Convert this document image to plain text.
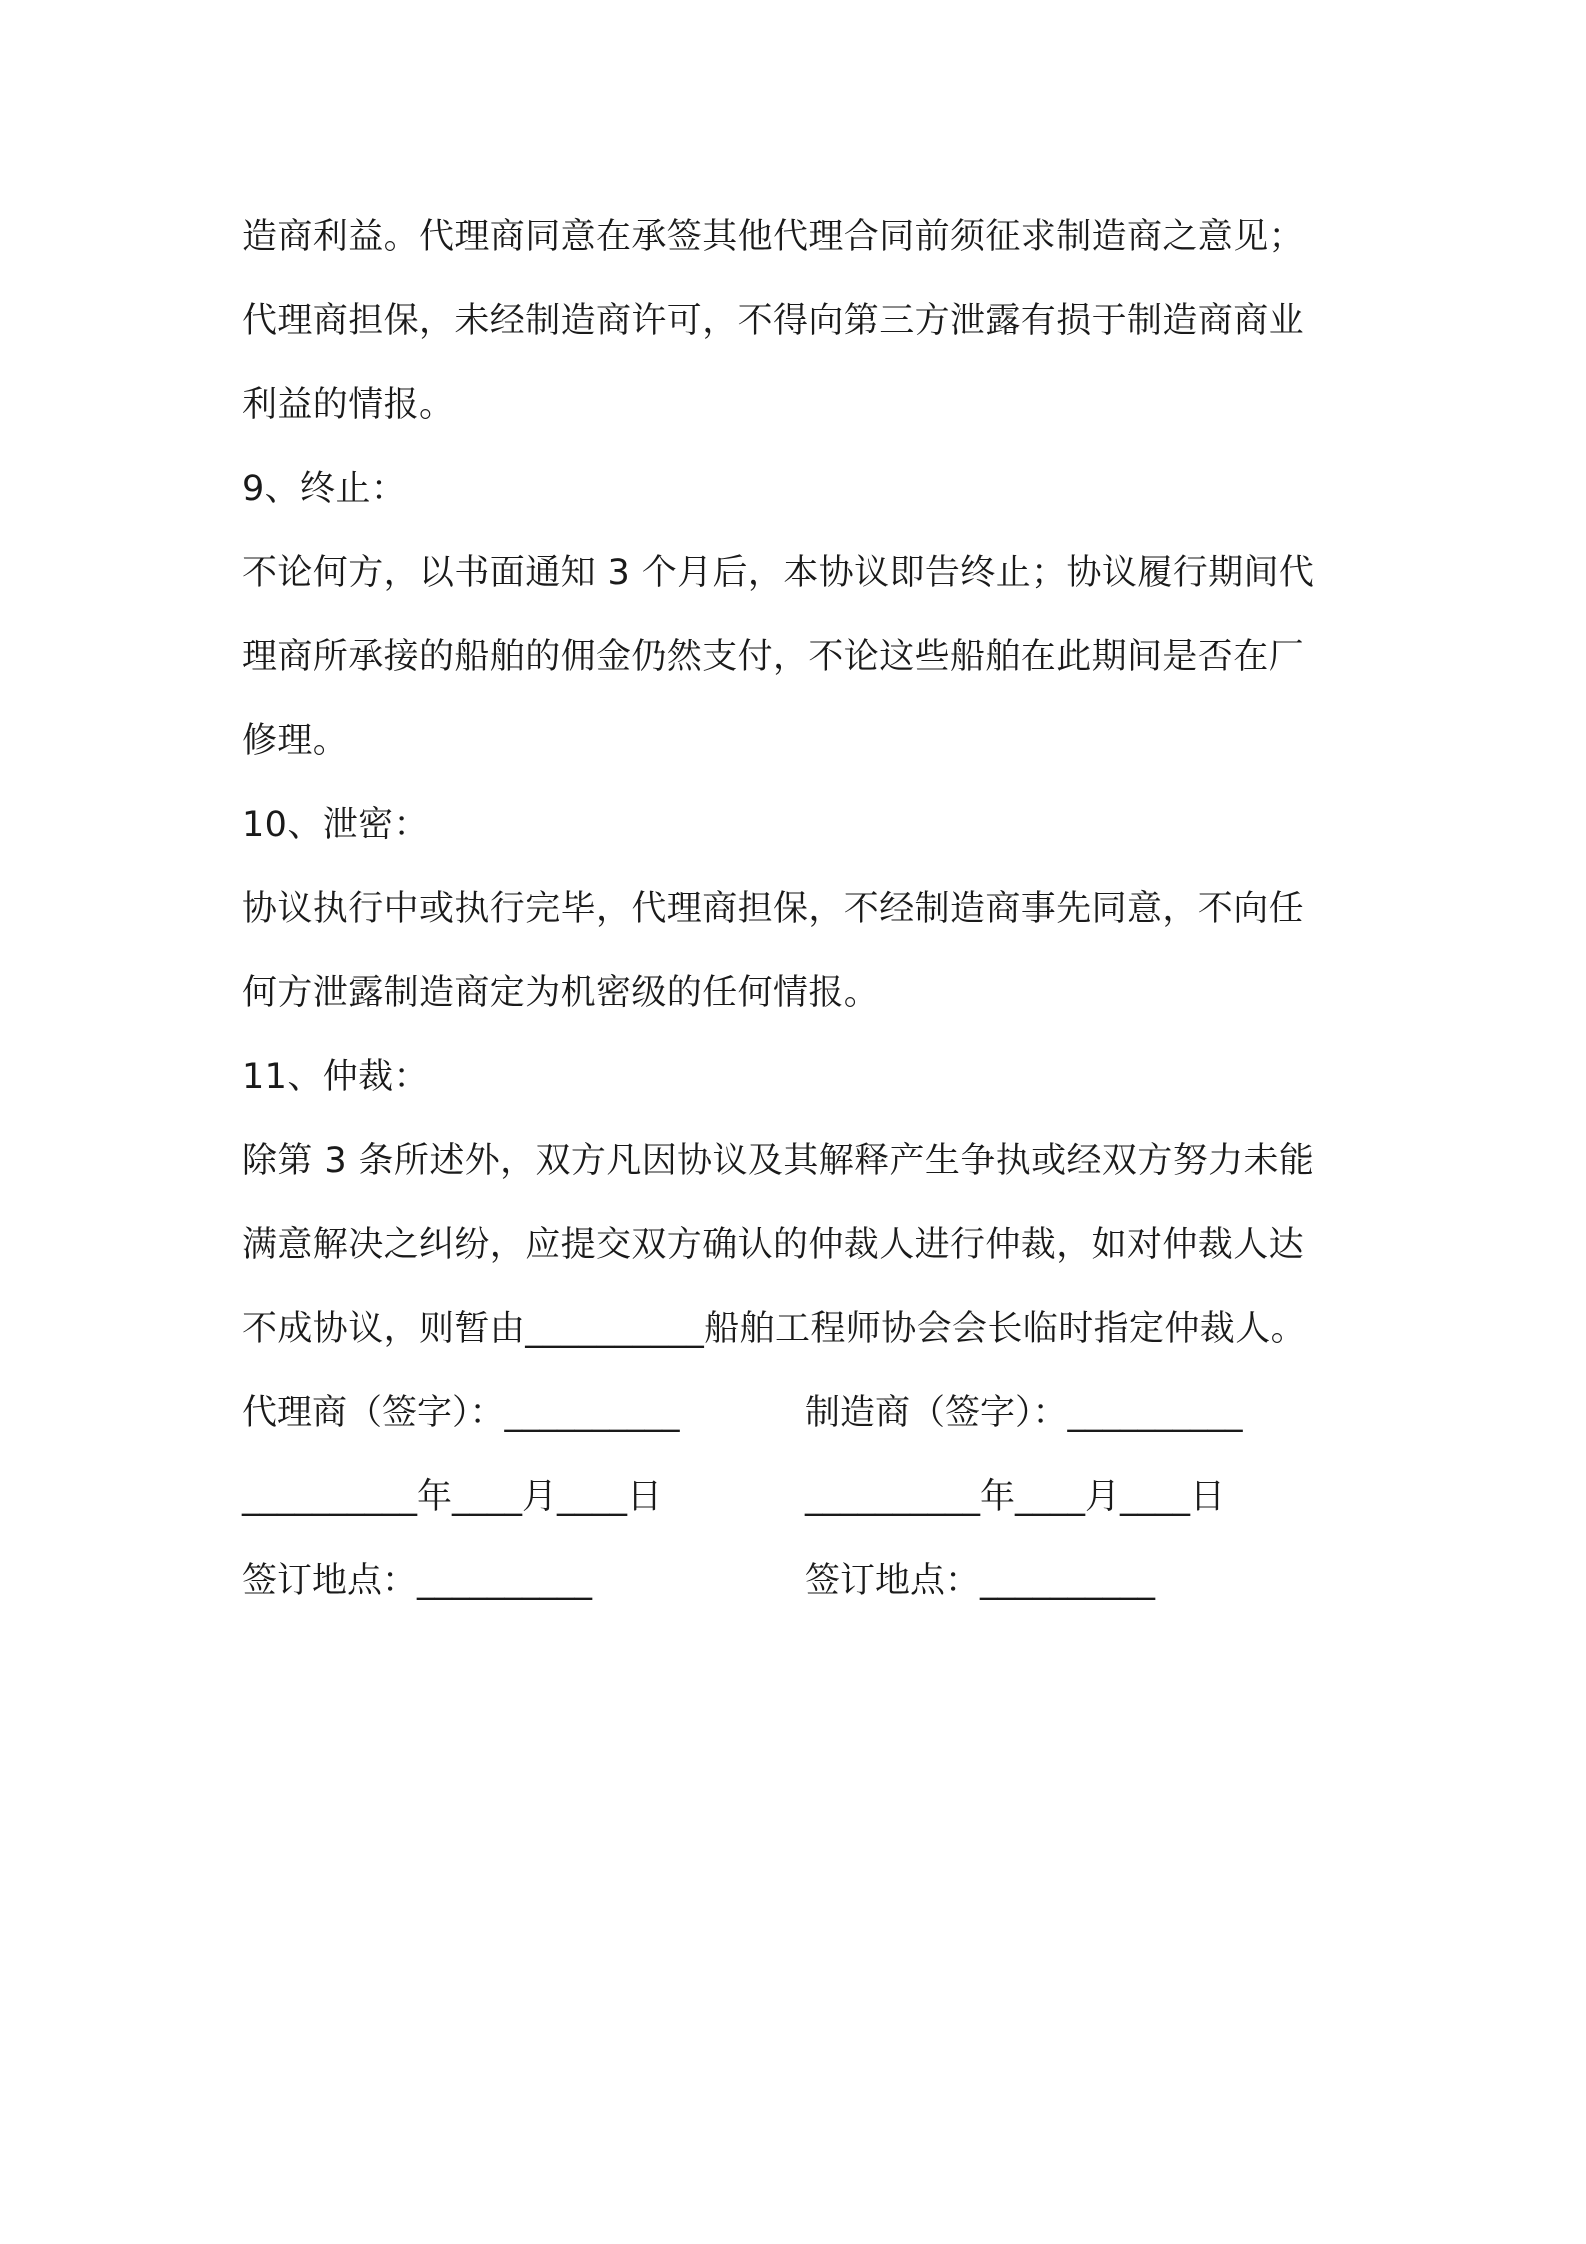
造商利益。代理商同意在承签其他代理合同前须征求制造商之意见；
代理商担保，未经制造商许可，不得向第三方泄露有损于制造商商业
利益的情报。
9、终止：
不论何方，以书面通知 3 个月后，本协议即告终止；协议履行期间代
理商所承接的船舶的佣金仍然支付，不论这些船舶在此期间是否在厂
修理。
10、泄密：
协议执行中或执行完毕，代理商担保，不经制造商事先同意，不向任
何方泄露制造商定为机密级的任何情报。
11、仲裁：
除第 3 条所述外，双方凡因协议及其解释产生争执或经双方努力未能
满意解决之纠纷，应提交双方确认的仲裁人进行仲裁，如对仲裁人达
不成协议，则暂由__________船舶工程师协会会长临时指定仲裁人。
代理商（签字）：__________	制造商（签字）：__________
__________年____月____日	__________年____月____日
签订地点：__________	签订地点：__________
